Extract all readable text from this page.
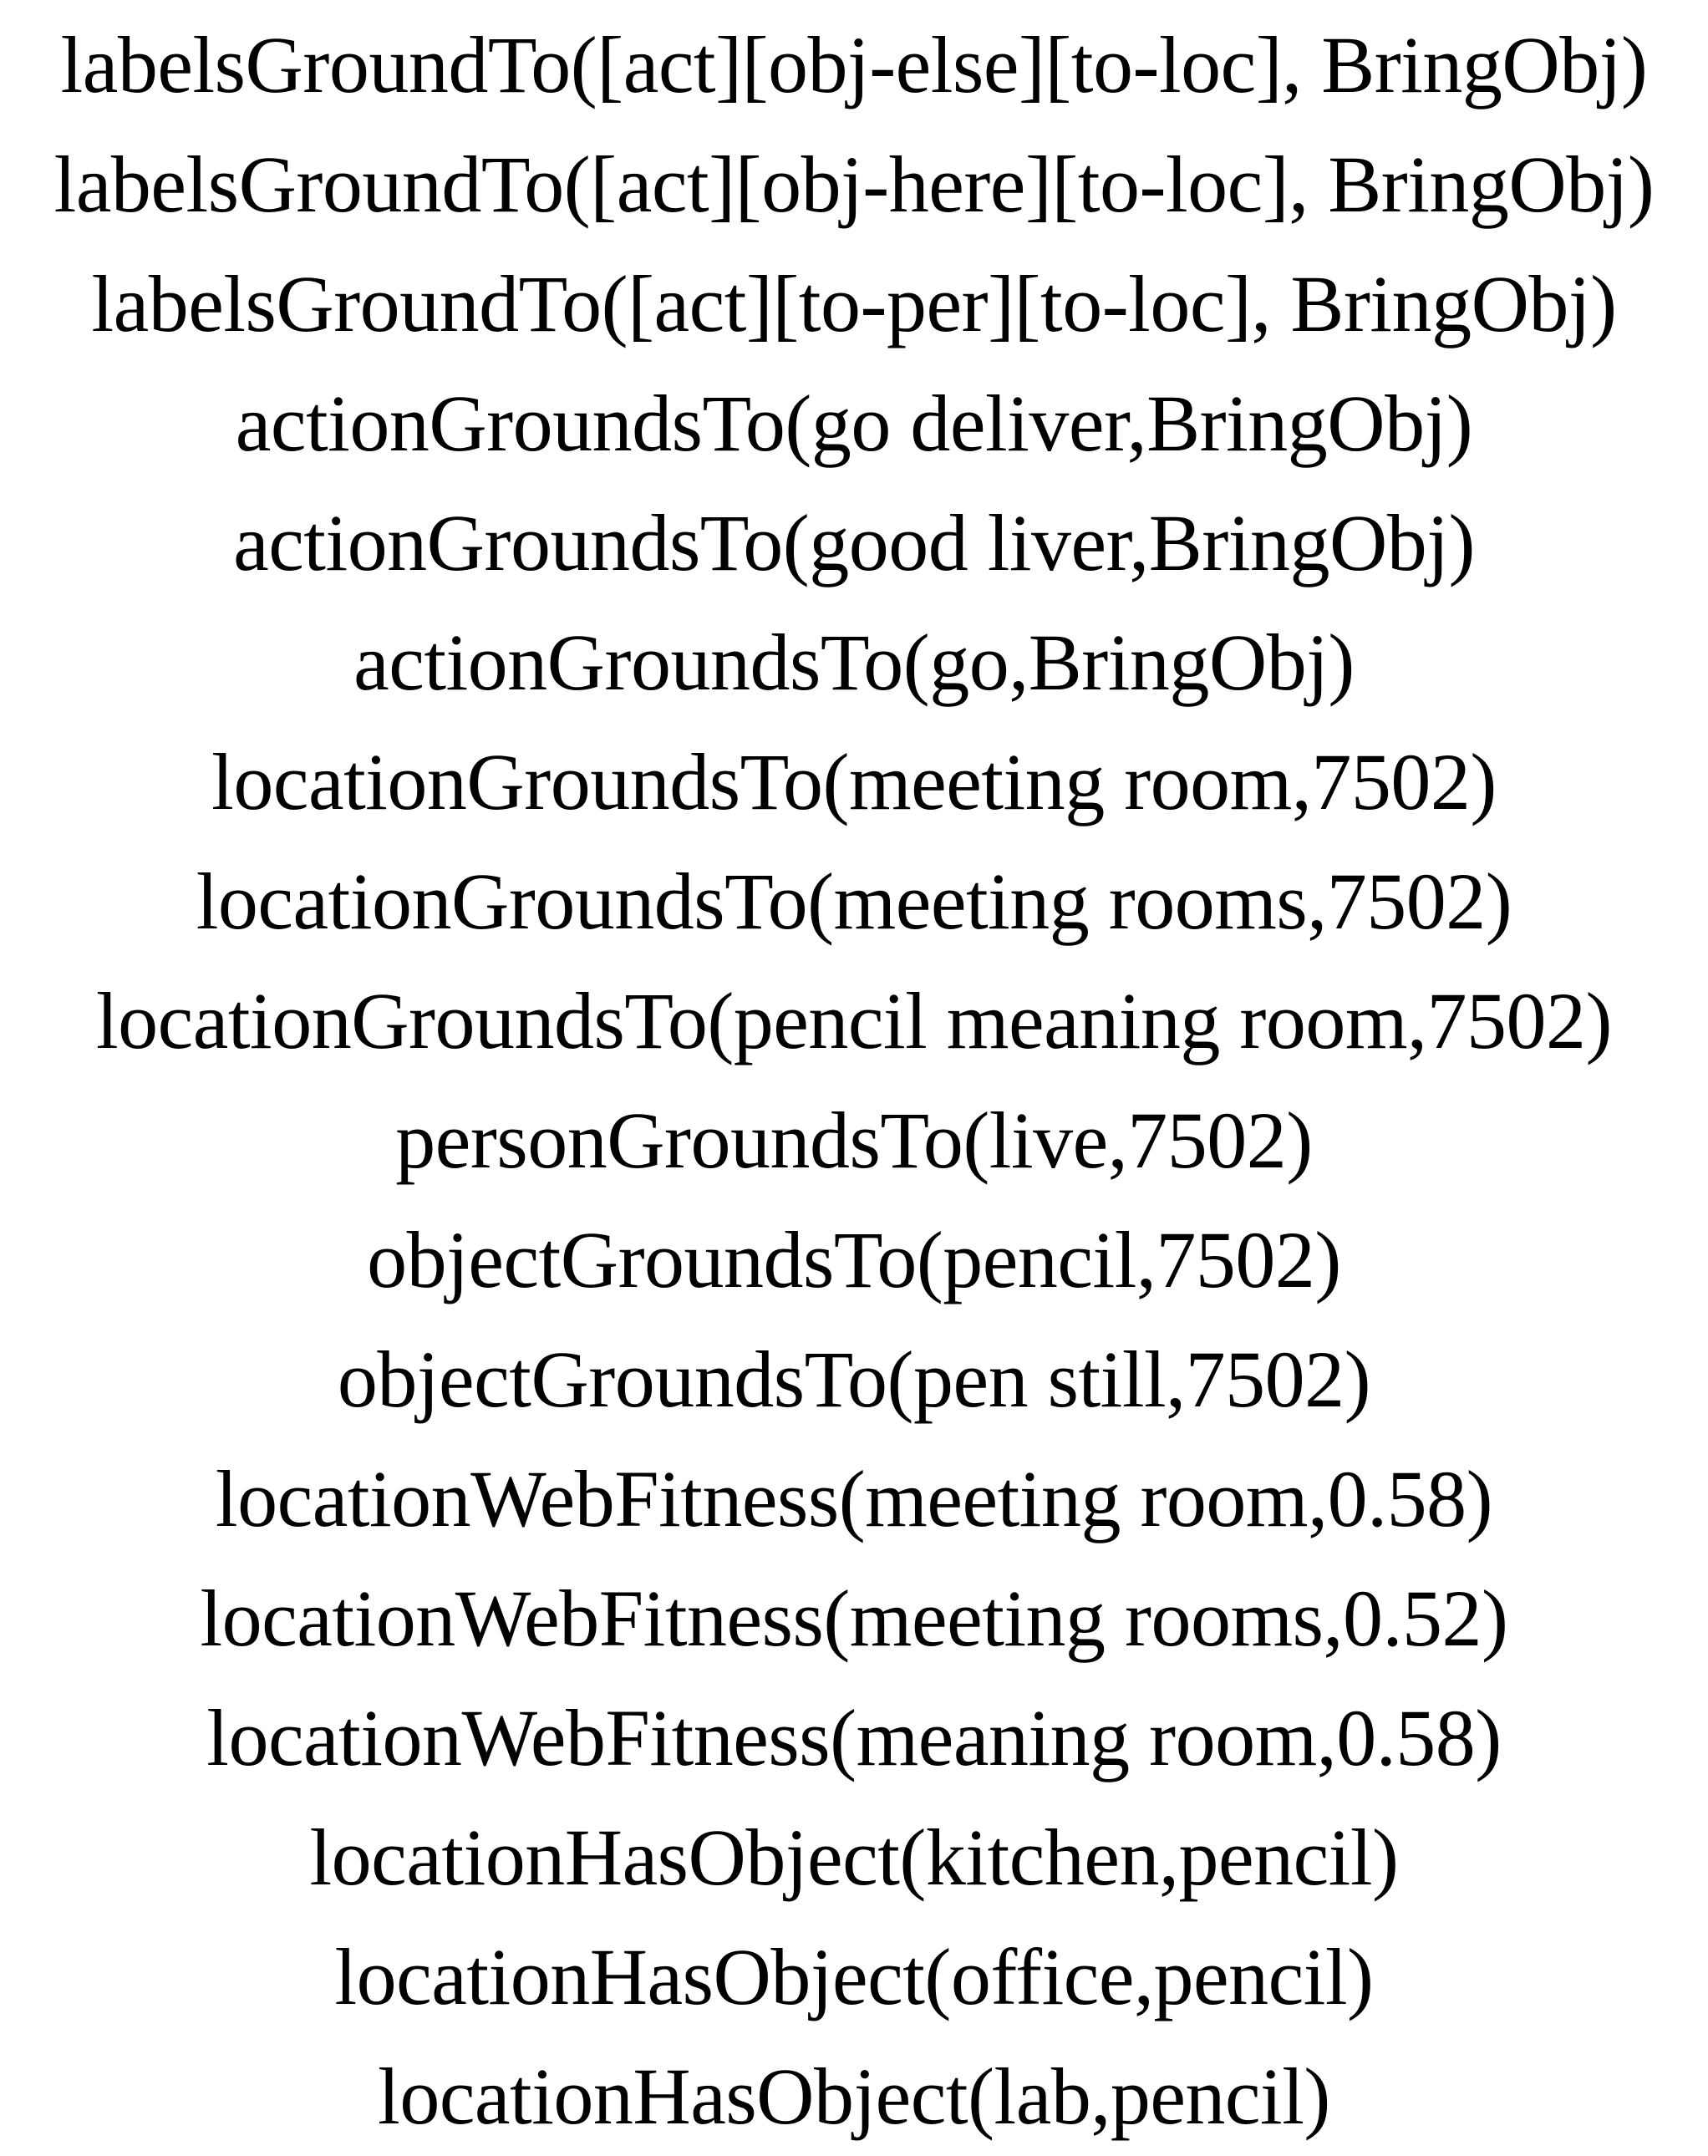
labelsGroundTo([act][obj-else][to-loc], BringObj)
labelsGroundTo([act][obj-here][to-loc], BringObj)
labelsGroundTo([act][to-per][to-loc], BringObj)
actionGroundsTo(go deliver,BringObj)
actionGroundsTo(good liver,BringObj)
actionGroundsTo(go,BringObj)
locationGroundsTo(meeting room,7502)
locationGroundsTo(meeting rooms,7502)
locationGroundsTo(pencil meaning room,7502)
personGroundsTo(live,7502)
objectGroundsTo(pencil,7502)
objectGroundsTo(pen still,7502)
locationWebFitness(meeting room,0.58)
locationWebFitness(meeting rooms,0.52)
locationWebFitness(meaning room,0.58)
locationHasObject(kitchen,pencil)
locationHasObject(office,pencil)
locationHasObject(lab,pencil)
